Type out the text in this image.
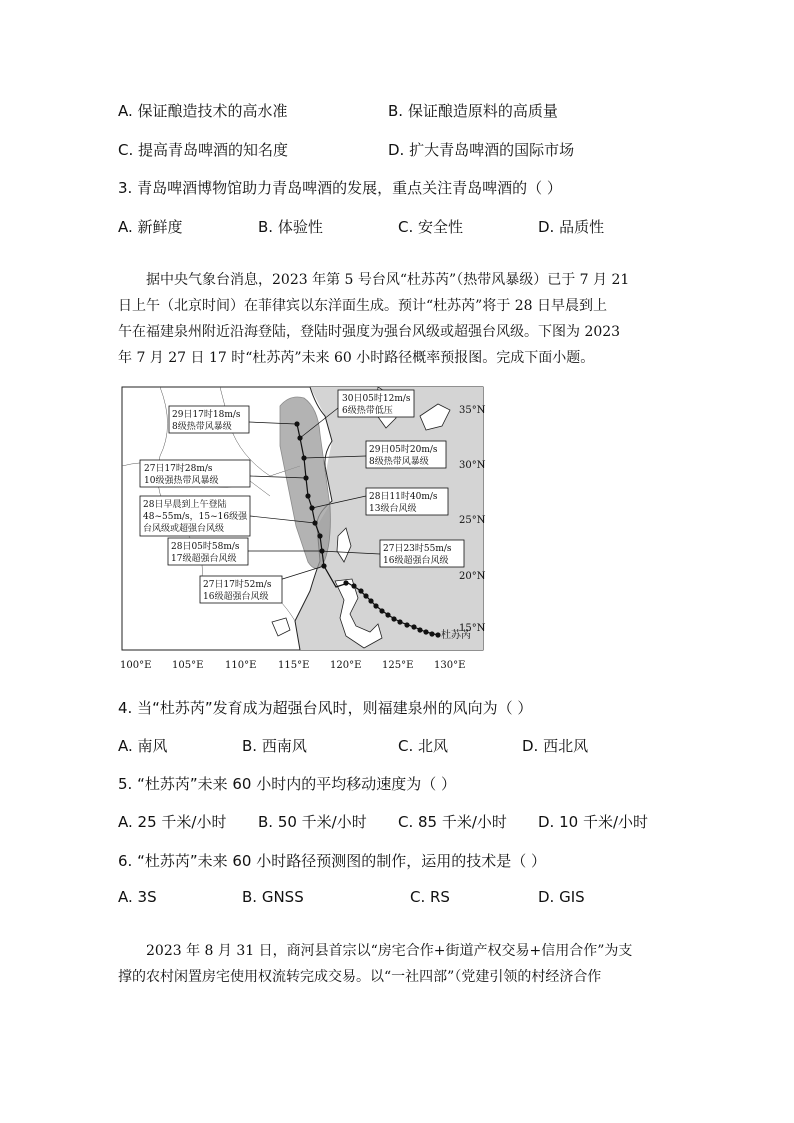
A. 保证酿造技术的高水准	B. 保证酿造原料的高质量
C. 提高青岛啤酒的知名度	D. 扩大青岛啤酒的国际市场
3. 青岛啤酒博物馆助力青岛啤酒的发展，重点关注青岛啤酒的（ ）
A. 新鲜度	B. 体验性	C. 安全性	D. 品质性
据中央气象台消息，2023 年第 5 号台风“杜苏芮”（热带风暴级）已于 7 月 21
日上午（北京时间）在菲律宾以东洋面生成。预计“杜苏芮”将于 28 日早晨到上
午在福建泉州附近沿海登陆，登陆时强度为强台风级或超强台风级。下图为 2023
年 7 月 27 日 17 时“杜苏芮”未来 60 小时路径概率预报图。完成下面小题。
29日17时18m/s
8级热带风暴级
30日05时12m/s
6级热带低压
29日05时20m/s
8级热带风暴级
27日17时28m/s
10级强热带风暴级
28日11时40m/s
13级台风级
28日早晨到上午登陆
48~55m/s，15~16级强
台风级或超强台风级
27日23时55m/s
16级超强台风级
28日05时58m/s
17级超强台风级
27日17时52m/s
16级超强台风级
杜苏芮
35°N
30°N
25°N
20°N
15°N
100°E 105°E 110°E 115°E 120°E 125°E 130°E
4. 当“杜苏芮”发育成为超强台风时，则福建泉州的风向为（ ）
A. 南风	B. 西南风	C. 北风	D. 西北风
5. “杜苏芮”未来 60 小时内的平均移动速度为（ ）
A. 25 千米/小时 B. 50 千米/小时 C. 85 千米/小时 D. 10 千米/小时
6. “杜苏芮”未来 60 小时路径预测图的制作，运用的技术是（ ）
A. 3S	B. GNSS	C. RS	D. GIS
2023 年 8 月 31 日，商河县首宗以“房宅合作+街道产权交易+信用合作”为支
撑的农村闲置房宅使用权流转完成交易。以“一社四部”（党建引领的村经济合作
